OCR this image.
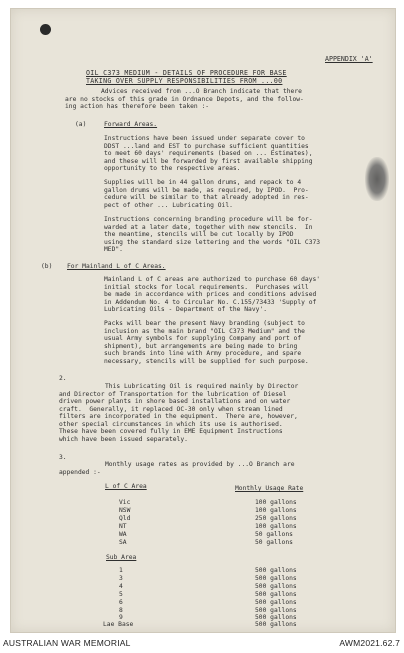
APPENDIX 'A'
OIL C373 MEDIUM - DETAILS OF PROCEDURE FOR BASE
TAKING OVER SUPPLY RESPONSIBILITIES FROM ...00
Advices received from ...O Branch indicate that there
are no stocks of this grade in Ordnance Depots, and the follow-
ing action has therefore been taken :-
(a)	Forward Areas.
Instructions have been issued under separate cover to
DDST ...land and EST to purchase sufficient quantities
to meet 60 days' requirements (based on ... Estimates),
and these will be forwarded by first available shipping
opportunity to the respective areas.
Supplies will be in 44 gallon drums, and repack to 4
gallon drums will be made, as required, by IPOD.  Pro-
cedure will be similar to that already adopted in res-
pect of other ... Lubricating Oil.
Instructions concerning branding procedure will be for-
warded at a later date, together with new stencils.  In
the meantime, stencils will be cut locally by IPOD
using the standard size lettering and the words "OIL C373
MED".
(b) For Mainland L of C Areas.
Mainland L of C areas are authorized to purchase 60 days'
initial stocks for local requirements.  Purchases will
be made in accordance with prices and conditions advised
in Addendum No. 4 to Circular No. C.155/73433 'Supply of
Lubricating Oils - Department of the Navy'.
Packs will bear the present Navy branding (subject to
inclusion as the main brand "OIL C373 Medium" and the
usual Army symbols for supplying Company and port of
shipment), but arrangements are being made to bring
such brands into line with Army procedure, and spare
necessary, stencils will be supplied for such purpose.
2.
This Lubricating Oil is required mainly by Director
and Director of Transportation for the lubrication of Diesel
driven power plants in shore based installations and on water
craft.  Generally, it replaced OC-30 only when stream lined
filters are incorporated in the equipment.  There are, however,
other special circumstances in which its use is authorised.
These have been covered fully in EME Equipment Instructions
which have been issued separately.
3.
Monthly usage rates as provided by ...O Branch are
appended :-
L of C Area	Monthly Usage Rate
Vic	100 gallons
NSW	100 gallons
Qld	250 gallons
NT	100 gallons
WA	50 gallons
SA	50 gallons
Sub Area
1	500 gallons
3	500 gallons
4	500 gallons
5	500 gallons
6	500 gallons
8	500 gallons
9	500 gallons
Lae Base	500 gallons
AUSTRALIAN WAR MEMORIAL	AWM2021.62.7
